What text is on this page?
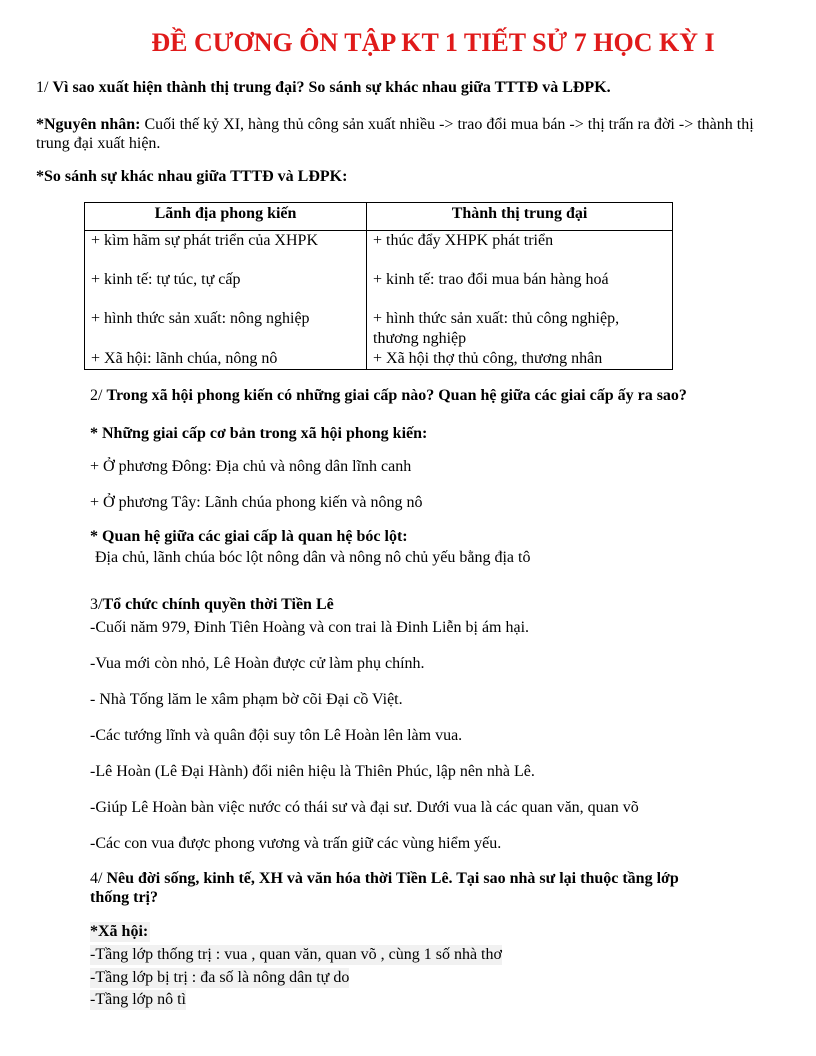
ĐỀ CƯƠNG ÔN TẬP KT 1 TIẾT SỬ 7 HỌC KỲ I
1/ Vì sao xuất hiện thành thị trung đại? So sánh sự khác nhau giữa TTTĐ và LĐPK.
*Nguyên nhân: Cuối thế kỷ XI, hàng thủ công sản xuất nhiều -> trao đổi mua bán -> thị trấn ra đời -> thành thị
trung đại xuất hiện.
*So sánh sự khác nhau giữa TTTĐ và LĐPK:
Lãnh địa phong kiến	Thành thị trung đại
+ kìm hãm sự phát triển của XHPK	+ thúc đẩy XHPK phát triển

+ kinh tế: tự túc, tự cấp	+ kinh tế: trao đổi mua bán hàng hoá

+ hình thức sản xuất: nông nghiệp	+ hình thức sản xuất: thủ công nghiệp,
	thương nghiệp
+ Xã hội: lãnh chúa, nông nô	+ Xã hội thợ thủ công, thương nhân
2/ Trong xã hội phong kiến có những giai cấp nào? Quan hệ giữa các giai cấp ấy ra sao?
* Những giai cấp cơ bản trong xã hội phong kiến:
+ Ở phương Đông: Địa chủ và nông dân lĩnh canh
+ Ở phương Tây: Lãnh chúa phong kiến và nông nô
* Quan hệ giữa các giai cấp là quan hệ bóc lột:
Địa chủ, lãnh chúa bóc lột nông dân và nông nô chủ yếu bằng địa tô
3/Tổ chức chính quyền thời Tiền Lê
-Cuối năm 979, Đinh Tiên Hoàng và con trai là Đinh Liễn bị ám hại.
-Vua mới còn nhỏ, Lê Hoàn được cử làm phụ chính.
- Nhà Tống lăm le xâm phạm bờ cõi Đại cồ Việt.
-Các tướng lĩnh và quân đội suy tôn Lê Hoàn lên làm vua.
-Lê Hoàn (Lê Đại Hành) đổi niên hiệu là Thiên Phúc, lập nên nhà Lê.
-Giúp Lê Hoàn bàn việc nước có thái sư và đại sư. Dưới vua là các quan văn, quan võ
-Các con vua được phong vương và trấn giữ các vùng hiểm yếu.
4/ Nêu đời sống, kinh tế, XH và văn hóa thời Tiền Lê. Tại sao nhà sư lại thuộc tầng lớp
thống trị?
*Xã hội:
-Tầng lớp thống trị : vua , quan văn, quan võ , cùng 1 số nhà thơ
-Tầng lớp bị trị : đa số là nông dân tự do
-Tầng lớp nô tì
